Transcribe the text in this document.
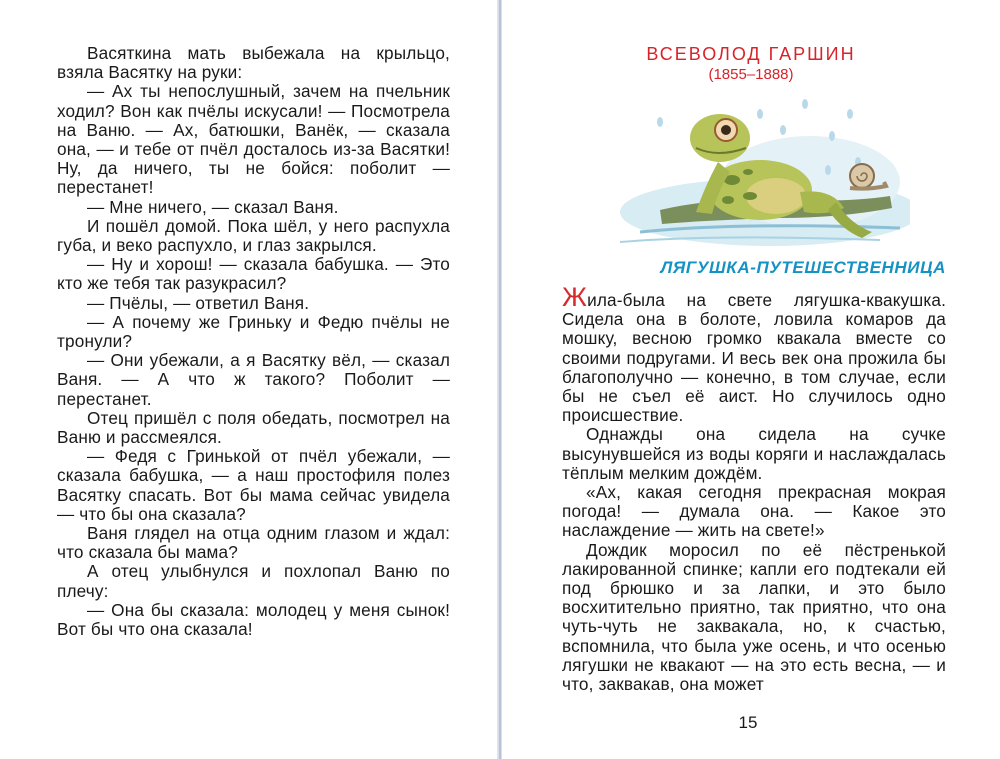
Васяткина мать выбежала на крыльцо, взяла Васятку на руки:

— Ах ты непослушный, зачем на пчельник ходил? Вон как пчёлы искусали! — Посмотрела на Ваню. — Ах, батюшки, Ванёк, — сказала она, — и тебе от пчёл досталось из-за Васятки! Ну, да ничего, ты не бойся: поболит — перестанет!

— Мне ничего, — сказал Ваня.

И пошёл домой. Пока шёл, у него распухла губа, и веко распухло, и глаз закрылся.

— Ну и хорош! — сказала бабушка. — Это кто же тебя так разукрасил?

— Пчёлы, — ответил Ваня.

— А почему же Гриньку и Федю пчёлы не тронули?

— Они убежали, а я Васятку вёл, — сказал Ваня. — А что ж такого? Поболит — перестанет.

Отец пришёл с поля обедать, посмотрел на Ваню и рассмеялся.

— Федя с Гринькой от пчёл убежали, — сказала бабушка, — а наш простофиля полез Васятку спасать. Вот бы мама сейчас увидела — что бы она сказала?

Ваня глядел на отца одним глазом и ждал: что сказала бы мама?

А отец улыбнулся и похлопал Ваню по плечу:

— Она бы сказала: молодец у меня сынок! Вот бы что она сказала!

ВСЕВОЛОД ГАРШИН
(1855–1888)
ЛЯГУШКА-ПУТЕШЕСТВЕННИЦА

Жила-была на свете лягушка-квакушка. Сидела она в болоте, ловила комаров да мошку, весною громко квакала вместе со своими подругами. И весь век она прожила бы благополучно — конечно, в том случае, если бы не съел её аист. Но случилось одно происшествие.

Однажды она сидела на сучке высунувшейся из воды коряги и наслаждалась тёплым мелким дождём.

«Ах, какая сегодня прекрасная мокрая погода! — думала она. — Какое это наслаждение — жить на свете!»

Дождик моросил по её пёстренькой лакированной спинке; капли его подтекали ей под брюшко и за лапки, и это было восхитительно приятно, так приятно, что она чуть-чуть не заквакала, но, к счастью, вспомнила, что была уже осень, и что осенью лягушки не квакают — на это есть весна, — и что, заквакав, она может

15
